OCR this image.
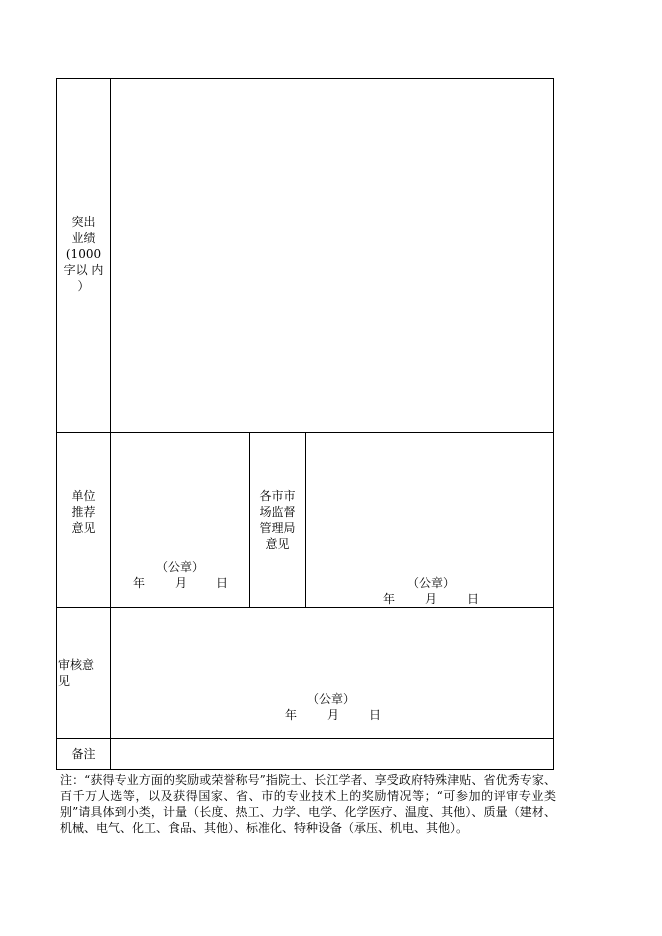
突出
业绩
(1000
字以 内
）
单位
推荐
意见
（公章）
年 月 日
各市市
场监督
管理局
意见
（公章）
年 月 日
审核意
见
（公章）
年 月 日
备注
注：“获得专业方面的奖励或荣誉称号”指院士、长江学者、享受政府特殊津贴、省优秀专家、百千万人选等，以及获得国家、省、市的专业技术上的奖励情况等；“可参加的评审专业类别”请具体到小类，计量（长度、热工、力学、电学、化学医疗、温度、其他）、质量（建材、机械、电气、化工、食品、其他）、标准化、特种设备（承压、机电、其他）。
